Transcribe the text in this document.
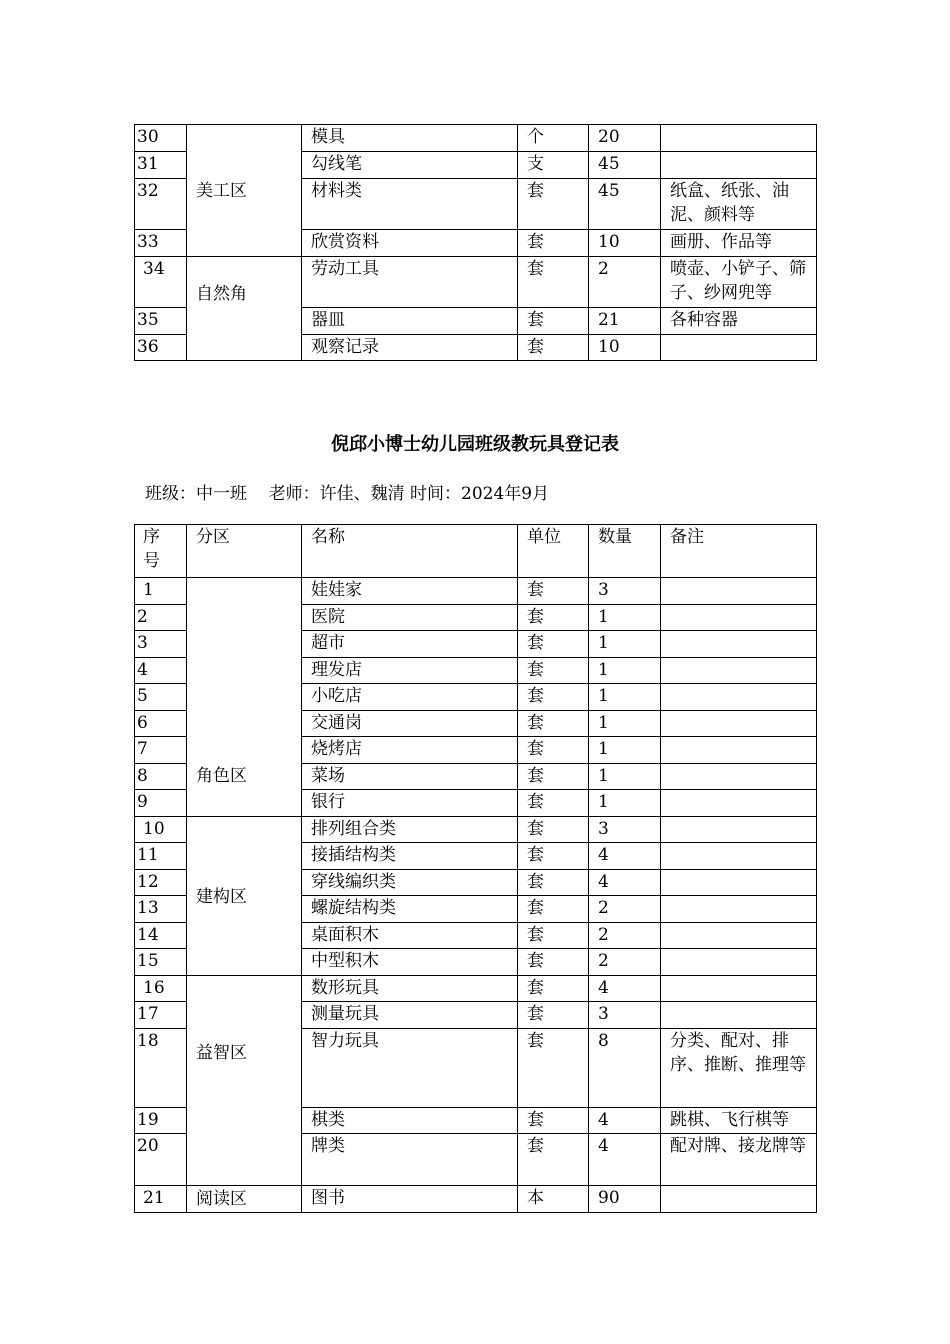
30	美工区	模具	个	20	
31		勾线笔	支	45	
32		材料类	套	45	纸盒、纸张、油泥、颜料等
33		欣赏资料	套	10	画册、作品等
34	自然角	劳动工具	套	2	喷壶、小铲子、筛子、纱网兜等
35		器皿	套	21	各种容器
36		观察记录	套	10	
倪邱小博士幼儿园班级教玩具登记表
班级：中一班 老师：许佳、魏清 时间：2024年9月
序号	分区	名称	单位	数量	备注
1	角色区	娃娃家	套	3	
2		医院	套	1	
3		超市	套	1	
4		理发店	套	1	
5		小吃店	套	1	
6		交通岗	套	1	
7		烧烤店	套	1	
8		菜场	套	1	
9		银行	套	1	
10	建构区	排列组合类	套	3	
11		接插结构类	套	4	
12		穿线编织类	套	4	
13		螺旋结构类	套	2	
14		桌面积木	套	2	
15		中型积木	套	2	
16	益智区	数形玩具	套	4	
17		测量玩具	套	3	
18		智力玩具	套	8	分类、配对、排序、推断、推理等
19		棋类	套	4	跳棋、飞行棋等
20		牌类	套	4	配对牌、接龙牌等
21	阅读区	图书	本	90	
